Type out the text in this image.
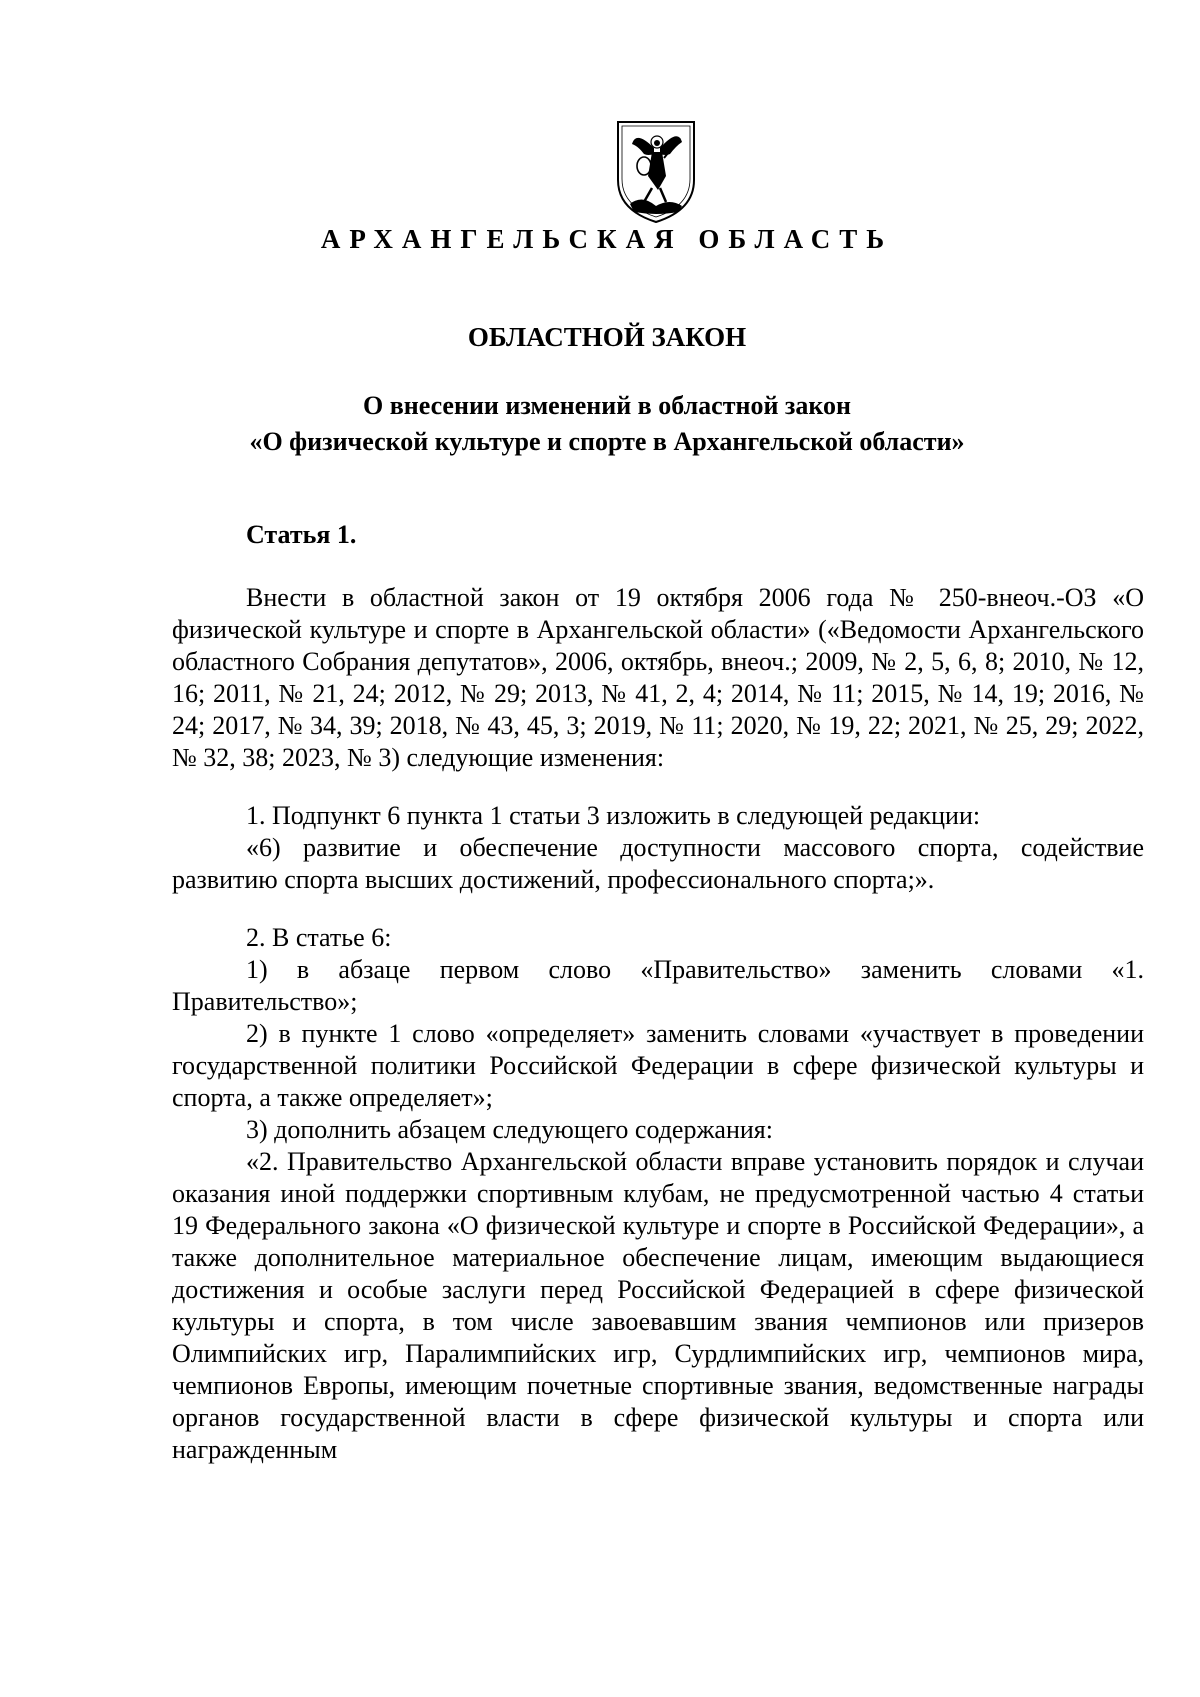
АРХАНГЕЛЬСКАЯ ОБЛАСТЬ
ОБЛАСТНОЙ ЗАКОН
О внесении изменений в областной закон
«О физической культуре и спорте в Архангельской области»
Статья 1.

Внести в областной закон от 19 октября 2006 года № 250-внеоч.-ОЗ «О физической культуре и спорте в Архангельской области» («Ведомости Архангельского областного Собрания депутатов», 2006, октябрь, внеоч.; 2009, № 2, 5, 6, 8; 2010, № 12, 16; 2011, № 21, 24; 2012, № 29; 2013, № 41, 2, 4; 2014, № 11; 2015, № 14, 19; 2016, № 24; 2017, № 34, 39; 2018, № 43, 45, 3; 2019, № 11; 2020, № 19, 22; 2021, № 25, 29; 2022, № 32, 38; 2023, № 3) следующие изменения:

1. Подпункт 6 пункта 1 статьи 3 изложить в следующей редакции:

«6) развитие и обеспечение доступности массового спорта, содействие развитию спорта высших достижений, профессионального спорта;».

2. В статье 6:

1) в абзаце первом слово «Правительство» заменить словами «1. Правительство»;

2) в пункте 1 слово «определяет» заменить словами «участвует в проведении государственной политики Российской Федерации в сфере физической культуры и спорта, а также определяет»;

3) дополнить абзацем следующего содержания:

«2. Правительство Архангельской области вправе установить порядок и случаи оказания иной поддержки спортивным клубам, не предусмотренной частью 4 статьи 19 Федерального закона «О физической культуре и спорте в Российской Федерации», а также дополнительное материальное обеспечение лицам, имеющим выдающиеся достижения и особые заслуги перед Российской Федерацией в сфере физической культуры и спорта, в том числе завоевавшим звания чемпионов или призеров Олимпийских игр, Паралимпийских игр, Сурдлимпийских игр, чемпионов мира, чемпионов Европы, имеющим почетные спортивные звания, ведомственные награды органов государственной власти в сфере физической культуры и спорта или награжденным
